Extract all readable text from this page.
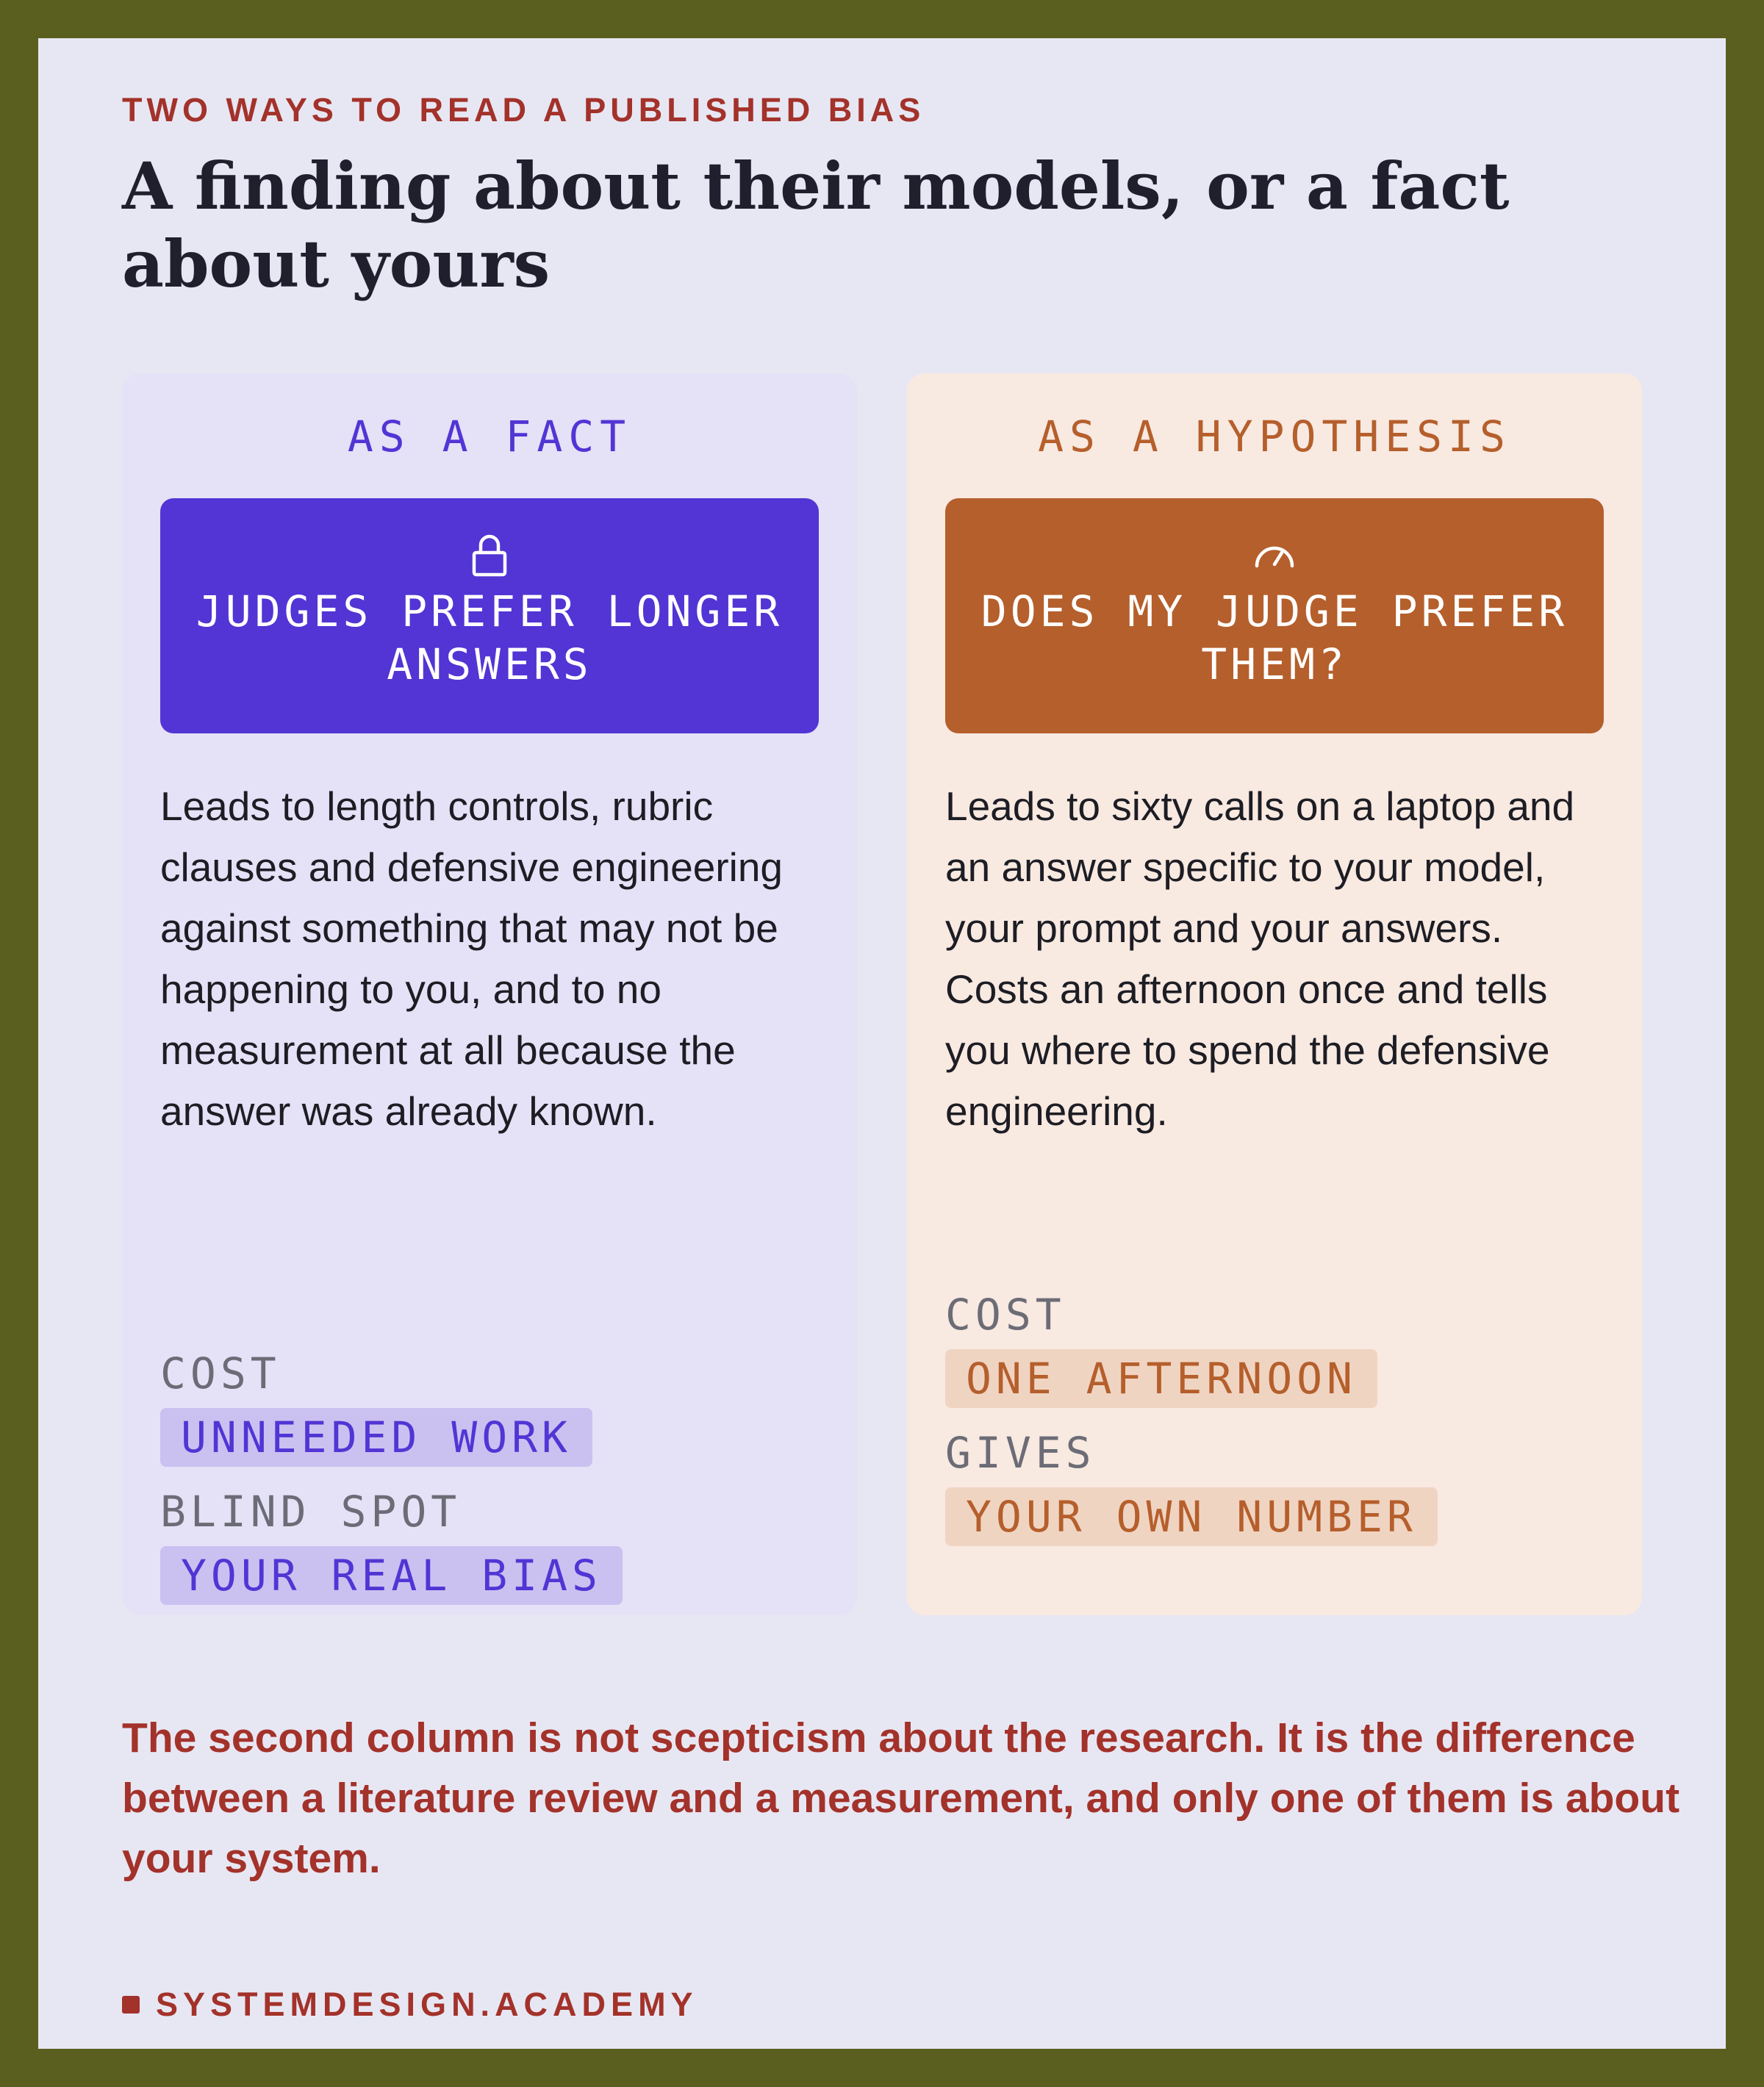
TWO WAYS TO READ A PUBLISHED BIAS
A finding about their models, or a fact about yours
AS A FACT
JUDGES PREFER LONGER ANSWERS
Leads to length controls, rubric clauses and defensive engineering against something that may not be happening to you, and to no measurement at all because the answer was already known.
COST
UNNEEDED WORK
BLIND SPOT
YOUR REAL BIAS
AS A HYPOTHESIS
DOES MY JUDGE PREFER THEM?
Leads to sixty calls on a laptop and an answer specific to your model, your prompt and your answers. Costs an afternoon once and tells you where to spend the defensive engineering.
COST
ONE AFTERNOON
GIVES
YOUR OWN NUMBER
The second column is not scepticism about the research. It is the difference between a literature review and a measurement, and only one of them is about your system.
SYSTEMDESIGN.ACADEMY
